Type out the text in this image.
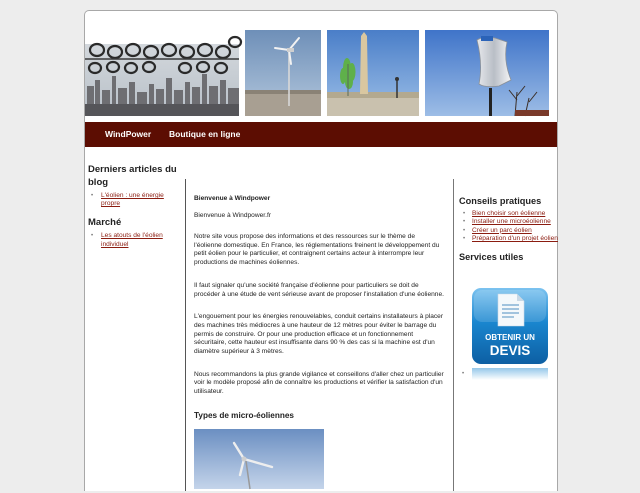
WindPower Boutique en ligne
Derniers articles du blog
• L'éolien : une énergie propre
Marché
• Les atouts de l'éolien individuel

Bienvenue à Windpower

Bienvenue à Windpower.fr

Notre site vous propose des informations et des ressources sur le thème de l'éolienne domestique. En France, les réglementations freinent le développement du petit éolien pour le particulier, et contraignent certains acteur à interrompre leur productions de machines éoliennes.

Il faut signaler qu'une société française d'éolienne pour particuliers se doit de procéder à une étude de vent sérieuse avant de proposer l'installation d'une éolienne.

L'engouement pour les énergies renouvelables, conduit certains installateurs à placer des machines très médiocres à une hauteur de 12 mètres pour éviter le barrage du permis de construire. Or pour une production efficace et un fonctionnement sécuritaire, cette hauteur est insuffisante dans 90 % des cas si la machine est d'un diamètre supérieur à 3 mètres.

Nous recommandons la plus grande vigilance et conseillons d'aller chez un particulier voir le modèle proposé afin de connaître les productions et vérifier la satisfaction d'un utilisateur.

Types de micro-éoliennes
Conseils pratiques
• Bien choisir son éolienne
• Installer une microéolienne
• Créer un parc éolien
• Préparation d'un projet éolien
Services utiles
OBTENIR UN
DEVIS
•
DEVIS
